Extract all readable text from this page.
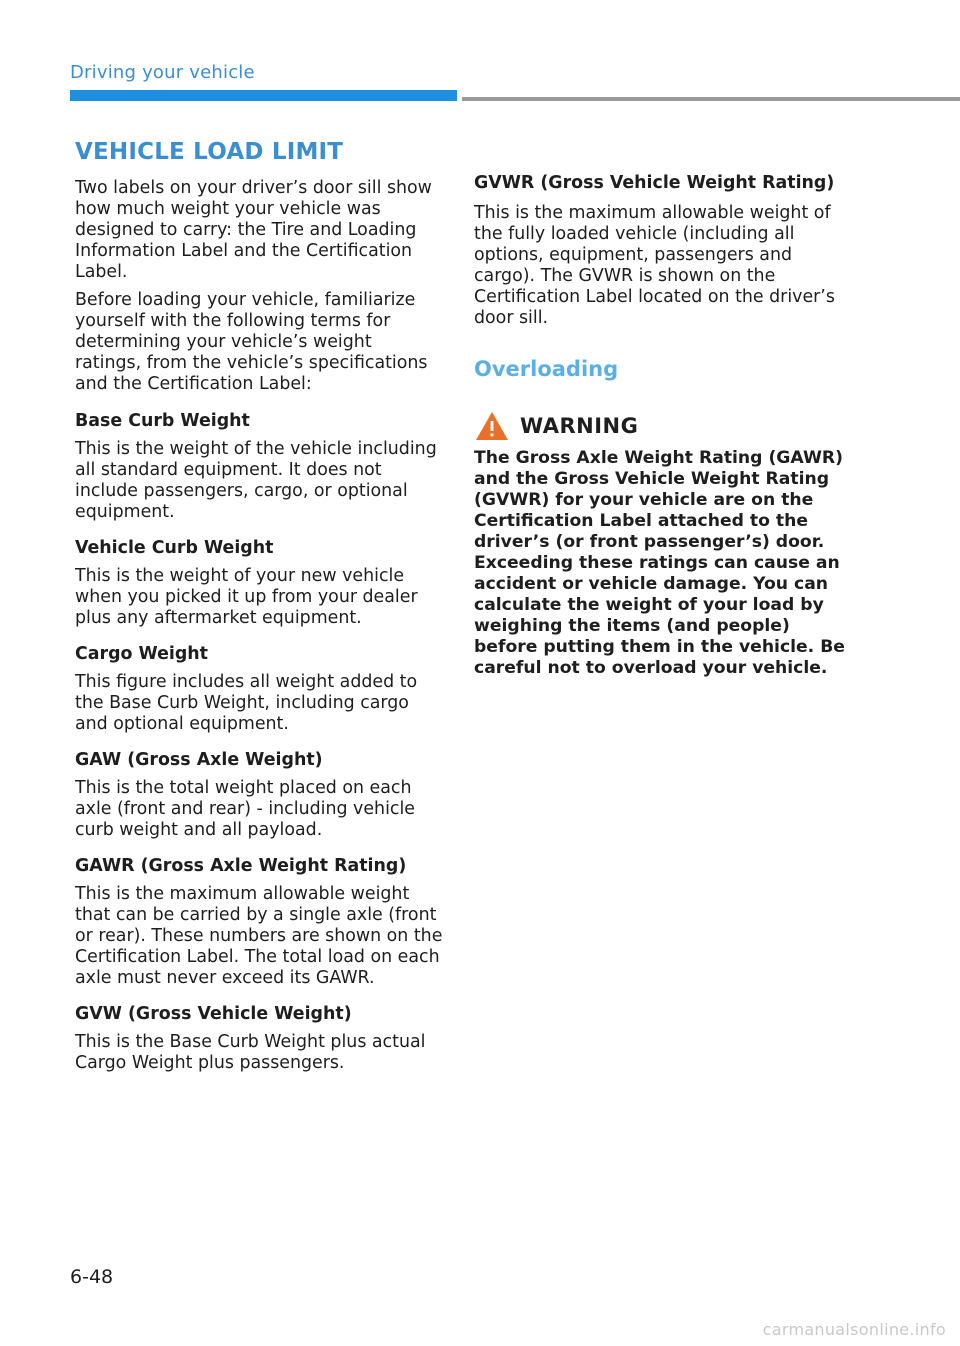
Driving your vehicle
VEHICLE LOAD LIMIT

Two labels on your driver’s door sill show how much weight your vehicle was designed to carry: the Tire and Loading Information Label and the Certification Label.

Before loading your vehicle, familiarize yourself with the following terms for determining your vehicle’s weight ratings, from the vehicle’s specifications and the Certification Label:

Base Curb Weight

This is the weight of the vehicle including all standard equipment. It does not include passengers, cargo, or optional equipment.

Vehicle Curb Weight

This is the weight of your new vehicle when you picked it up from your dealer plus any aftermarket equipment.

Cargo Weight

This figure includes all weight added to the Base Curb Weight, including cargo and optional equipment.

GAW (Gross Axle Weight)

This is the total weight placed on each axle (front and rear) - including vehicle curb weight and all payload.

GAWR (Gross Axle Weight Rating)

This is the maximum allowable weight that can be carried by a single axle (front or rear). These numbers are shown on the Certification Label. The total load on each axle must never exceed its GAWR.

GVW (Gross Vehicle Weight)

This is the Base Curb Weight plus actual Cargo Weight plus passengers.

GVWR (Gross Vehicle Weight Rating)

This is the maximum allowable weight of the fully loaded vehicle (including all options, equipment, passengers and cargo). The GVWR is shown on the Certification Label located on the driver’s door sill.

Overloading
WARNING

The Gross Axle Weight Rating (GAWR) and the Gross Vehicle Weight Rating (GVWR) for your vehicle are on the Certification Label attached to the driver’s (or front passenger’s) door. Exceeding these ratings can cause an accident or vehicle damage. You can calculate the weight of your load by weighing the items (and people) before putting them in the vehicle. Be careful not to overload your vehicle.

6-48
carmanualsonline.info
